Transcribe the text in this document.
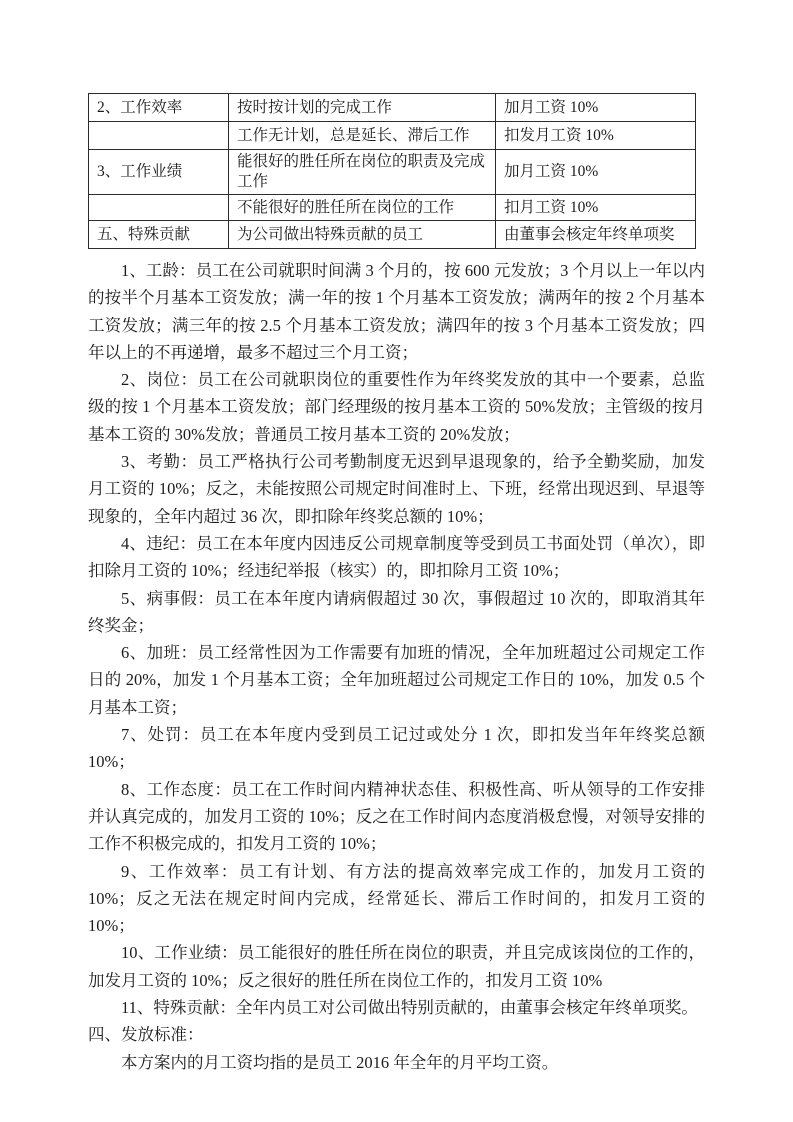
2、工作效率	按时按计划的完成工作	加月工资 10%
	工作无计划，总是延长、滞后工作	扣发月工资 10%
3、工作业绩	能很好的胜任所在岗位的职责及完成工作	加月工资 10%
	不能很好的胜任所在岗位的工作	扣月工资 10%
五、特殊贡献	为公司做出特殊贡献的员工	由董事会核定年终单项奖

1、工龄：员工在公司就职时间满 3 个月的，按 600 元发放；3 个月以上一年以内的按半个月基本工资发放；满一年的按 1 个月基本工资发放；满两年的按 2 个月基本工资发放；满三年的按 2.5 个月基本工资发放；满四年的按 3 个月基本工资发放；四年以上的不再递增，最多不超过三个月工资；

2、岗位：员工在公司就职岗位的重要性作为年终奖发放的其中一个要素，总监级的按 1 个月基本工资发放；部门经理级的按月基本工资的 50%发放；主管级的按月基本工资的 30%发放；普通员工按月基本工资的 20%发放；

3、考勤：员工严格执行公司考勤制度无迟到早退现象的，给予全勤奖励，加发月工资的 10%；反之，未能按照公司规定时间准时上、下班，经常出现迟到、早退等现象的，全年内超过 36 次，即扣除年终奖总额的 10%；

4、违纪：员工在本年度内因违反公司规章制度等受到员工书面处罚（单次），即扣除月工资的 10%；经违纪举报（核实）的，即扣除月工资 10%；

5、病事假：员工在本年度内请病假超过 30 次，事假超过 10 次的，即取消其年终奖金；

6、加班：员工经常性因为工作需要有加班的情况，全年加班超过公司规定工作日的 20%，加发 1 个月基本工资；全年加班超过公司规定工作日的 10%，加发 0.5 个月基本工资；

7、处罚：员工在本年度内受到员工记过或处分 1 次，即扣发当年年终奖总额 10%；

8、工作态度：员工在工作时间内精神状态佳、积极性高、听从领导的工作安排并认真完成的，加发月工资的 10%；反之在工作时间内态度消极怠慢，对领导安排的工作不积极完成的，扣发月工资的 10%；

9、工作效率：员工有计划、有方法的提高效率完成工作的，加发月工资的 10%；反之无法在规定时间内完成，经常延长、滞后工作时间的，扣发月工资的 10%；

10、工作业绩：员工能很好的胜任所在岗位的职责，并且完成该岗位的工作的，加发月工资的 10%；反之很好的胜任所在岗位工作的，扣发月工资 10%

11、特殊贡献：全年内员工对公司做出特别贡献的，由董事会核定年终单项奖。

四、发放标准：

本方案内的月工资均指的是员工 2016 年全年的月平均工资。
